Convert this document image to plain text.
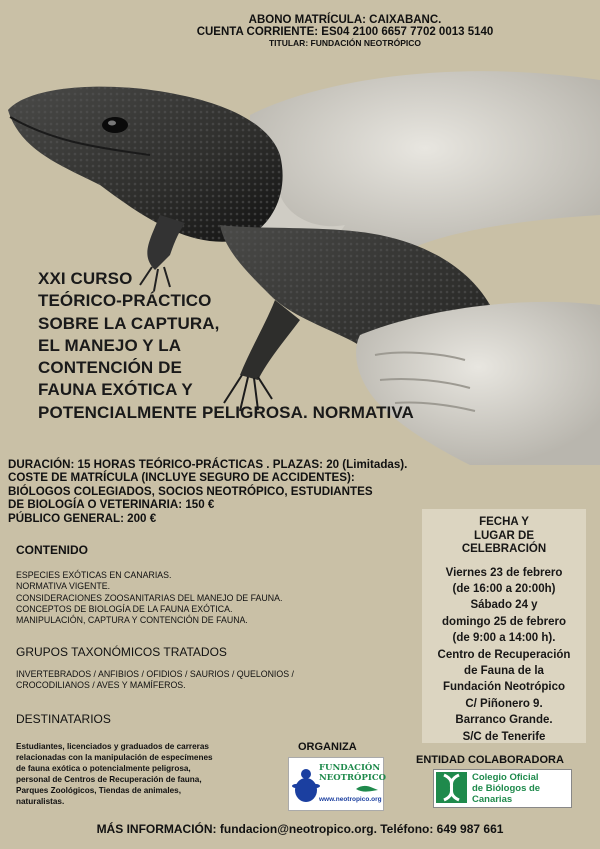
ABONO MATRÍCULA: CAIXABANC.
CUENTA CORRIENTE: ES04 2100 6657 7702 0013 5140
TITULAR: FUNDACIÓN NEOTRÓPICO
XXI CURSO
TEÓRICO-PRÁCTICO
SOBRE LA CAPTURA,
EL MANEJO Y LA
CONTENCIÓN DE
FAUNA EXÓTICA Y
POTENCIALMENTE PELIGROSA. NORMATIVA
DURACIÓN: 15 HORAS TEÓRICO-PRÁCTICAS . PLAZAS: 20 (Limitadas).
COSTE DE MATRÍCULA (INCLUYE SEGURO DE ACCIDENTES):
BIÓLOGOS COLEGIADOS, SOCIOS NEOTRÓPICO, ESTUDIANTES
DE BIOLOGÍA O VETERINARIA: 150 €
PÚBLICO GENERAL: 200 €
CONTENIDO
ESPECIES EXÓTICAS EN CANARIAS.
NORMATIVA VIGENTE.
CONSIDERACIONES ZOOSANITARIAS DEL MANEJO DE FAUNA.
CONCEPTOS DE BIOLOGÍA DE LA FAUNA EXÓTICA.
MANIPULACIÓN, CAPTURA Y CONTENCIÓN DE FAUNA.
GRUPOS TAXONÓMICOS TRATADOS
INVERTEBRADOS / ANFIBIOS / OFIDIOS / SAURIOS / QUELONIOS /
CROCODILIANOS / AVES Y MAMÍFEROS.
DESTINATARIOS
Estudiantes, licenciados y graduados de carreras
relacionadas con la manipulación de especímenes
de fauna exótica o potencialmente peligrosa,
personal de Centros de Recuperación de fauna,
Parques Zoológicos, Tiendas de animales,
naturalistas.
FECHA Y
LUGAR DE
CELEBRACIÓN
Viernes 23 de febrero
(de 16:00 a 20:00h)
Sábado 24 y
domingo 25 de febrero
(de 9:00 a 14:00 h).
Centro de Recuperación
de Fauna de la
Fundación Neotrópico
C/ Piñonero 9.
Barranco Grande.
S/C de Tenerife
ORGANIZA
FUNDACIÓN
NEOTRÓPICO
www.neotropico.org
ENTIDAD COLABORADORA
Colegio Oficial
de Biólogos de
Canarias
MÁS INFORMACIÓN: fundacion@neotropico.org. Teléfono: 649 987 661
